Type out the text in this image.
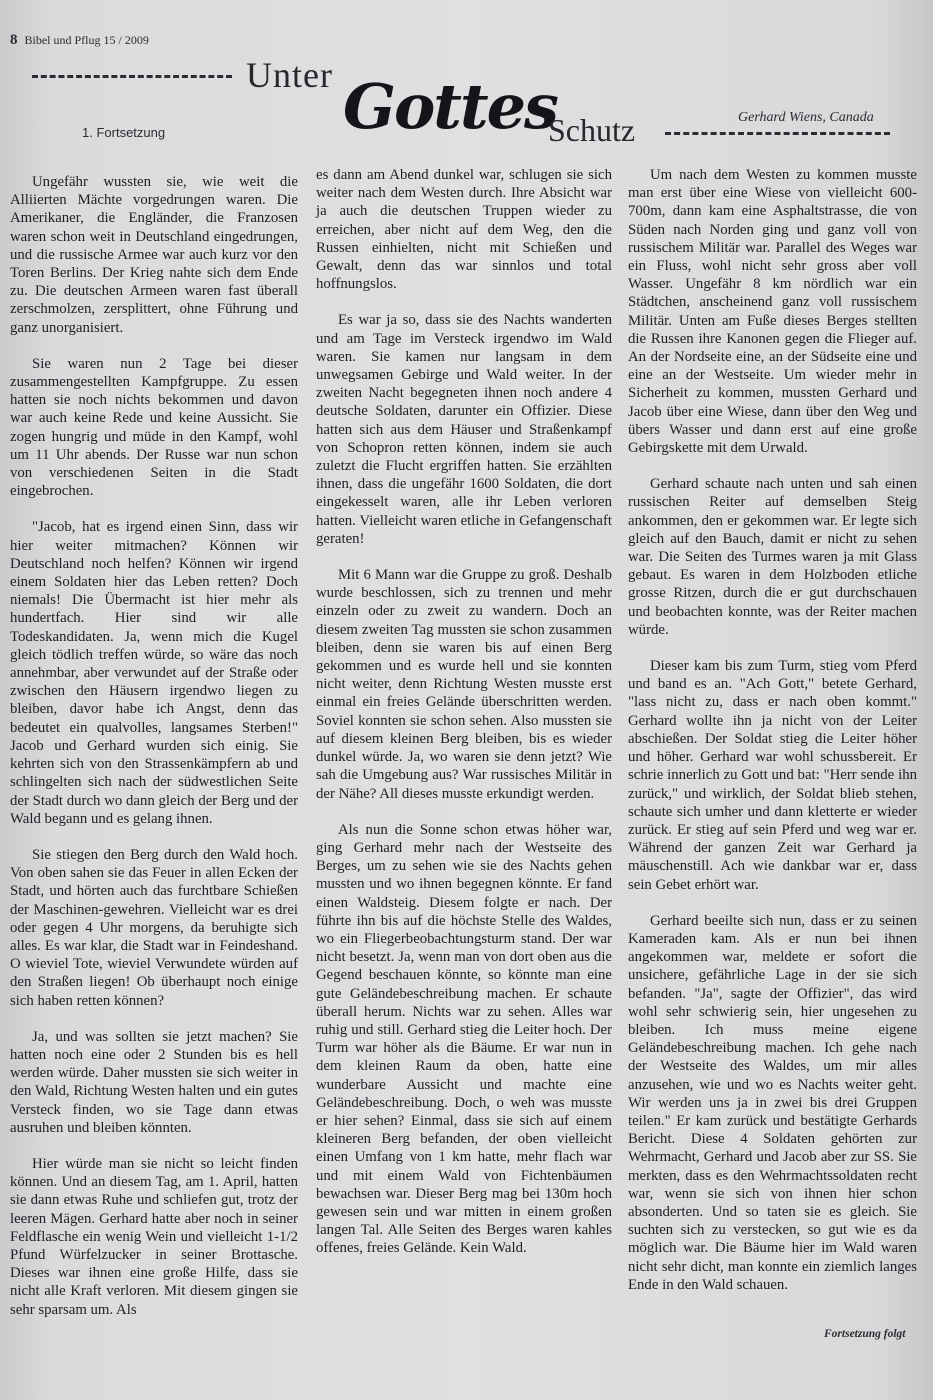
8 Bibel und Pflug 15 / 2009
Unter Gottes
Schutz	Gerhard Wiens, Canada
1. Fortsetzung

Ungefähr wussten sie, wie weit die Alliierten Mächte vorgedrungen waren. Die Amerikaner, die Engländer, die Franzosen waren schon weit in Deutschland eingedrungen, und die russische Armee war auch kurz vor den Toren Berlins. Der Krieg nahte sich dem Ende zu. Die deutschen Armeen waren fast überall zerschmolzen, zersplittert, ohne Führung und ganz unorganisiert.

Sie waren nun 2 Tage bei dieser zusammengestellten Kampfgruppe. Zu essen hatten sie noch nichts bekommen und davon war auch keine Rede und keine Aussicht. Sie zogen hungrig und müde in den Kampf, wohl um 11 Uhr abends. Der Russe war nun schon von verschiedenen Seiten in die Stadt eingebrochen.

"Jacob, hat es irgend einen Sinn, dass wir hier weiter mitmachen? Können wir Deutschland noch helfen? Können wir irgend einem Soldaten hier das Leben retten? Doch niemals! Die Übermacht ist hier mehr als hundertfach. Hier sind wir alle Todeskandidaten. Ja, wenn mich die Kugel gleich tödlich treffen würde, so wäre das noch annehmbar, aber verwundet auf der Straße oder zwischen den Häusern irgendwo liegen zu bleiben, davor habe ich Angst, denn das bedeutet ein qualvolles, langsames Sterben!" Jacob und Gerhard wurden sich einig. Sie kehrten sich von den Strassenkämpfern ab und schlingelten sich nach der südwestlichen Seite der Stadt durch wo dann gleich der Berg und der Wald begann und es gelang ihnen.

Sie stiegen den Berg durch den Wald hoch. Von oben sahen sie das Feuer in allen Ecken der Stadt, und hörten auch das furchtbare Schießen der Maschinen-gewehren. Vielleicht war es drei oder gegen 4 Uhr morgens, da beruhigte sich alles. Es war klar, die Stadt war in Feindeshand. O wieviel Tote, wieviel Verwundete würden auf den Straßen liegen! Ob überhaupt noch einige sich haben retten können?

Ja, und was sollten sie jetzt machen? Sie hatten noch eine oder 2 Stunden bis es hell werden würde. Daher mussten sie sich weiter in den Wald, Richtung Westen halten und ein gutes Versteck finden, wo sie Tage dann etwas ausruhen und bleiben könnten.

Hier würde man sie nicht so leicht finden können. Und an diesem Tag, am 1. April, hatten sie dann etwas Ruhe und schliefen gut, trotz der leeren Mägen. Gerhard hatte aber noch in seiner Feldflasche ein wenig Wein und vielleicht 1-1/2 Pfund Würfelzucker in seiner Brottasche. Dieses war ihnen eine große Hilfe, dass sie nicht alle Kraft verloren. Mit diesem gingen sie sehr sparsam um. Als

es dann am Abend dunkel war, schlugen sie sich weiter nach dem Westen durch. Ihre Absicht war ja auch die deutschen Truppen wieder zu erreichen, aber nicht auf dem Weg, den die Russen einhielten, nicht mit Schießen und Gewalt, denn das war sinnlos und total hoffnungslos.

Es war ja so, dass sie des Nachts wanderten und am Tage im Versteck irgendwo im Wald waren. Sie kamen nur langsam in dem unwegsamen Gebirge und Wald weiter. In der zweiten Nacht begegneten ihnen noch andere 4 deutsche Soldaten, darunter ein Offizier. Diese hatten sich aus dem Häuser und Straßenkampf von Schopron retten können, indem sie auch zuletzt die Flucht ergriffen hatten. Sie erzählten ihnen, dass die ungefähr 1600 Soldaten, die dort eingekesselt waren, alle ihr Leben verloren hatten. Vielleicht waren etliche in Gefangenschaft geraten!

Mit 6 Mann war die Gruppe zu groß. Deshalb wurde beschlossen, sich zu trennen und mehr einzeln oder zu zweit zu wandern. Doch an diesem zweiten Tag mussten sie schon zusammen bleiben, denn sie waren bis auf einen Berg gekommen und es wurde hell und sie konnten nicht weiter, denn Richtung Westen musste erst einmal ein freies Gelände überschritten werden. Soviel konnten sie schon sehen. Also mussten sie auf diesem kleinen Berg bleiben, bis es wieder dunkel würde. Ja, wo waren sie denn jetzt? Wie sah die Umgebung aus? War russisches Militär in der Nähe? All dieses musste erkundigt werden.

Als nun die Sonne schon etwas höher war, ging Gerhard mehr nach der Westseite des Berges, um zu sehen wie sie des Nachts gehen mussten und wo ihnen begegnen könnte. Er fand einen Waldsteig. Diesem folgte er nach. Der führte ihn bis auf die höchste Stelle des Waldes, wo ein Fliegerbeobachtungsturm stand. Der war nicht besetzt. Ja, wenn man von dort oben aus die Gegend beschauen könnte, so könnte man eine gute Geländebeschreibung machen. Er schaute überall herum. Nichts war zu sehen. Alles war ruhig und still. Gerhard stieg die Leiter hoch. Der Turm war höher als die Bäume. Er war nun in dem kleinen Raum da oben, hatte eine wunderbare Aussicht und machte eine Geländebeschreibung. Doch, o weh was musste er hier sehen? Einmal, dass sie sich auf einem kleineren Berg befanden, der oben vielleicht einen Umfang von 1 km hatte, mehr flach war und mit einem Wald von Fichtenbäumen bewachsen war. Dieser Berg mag bei 130m hoch gewesen sein und war mitten in einem großen langen Tal. Alle Seiten des Berges waren kahles offenes, freies Gelände. Kein Wald.

Um nach dem Westen zu kommen musste man erst über eine Wiese von vielleicht 600-700m, dann kam eine Asphaltstrasse, die von Süden nach Norden ging und ganz voll von russischem Militär war. Parallel des Weges war ein Fluss, wohl nicht sehr gross aber voll Wasser. Ungefähr 8 km nördlich war ein Städtchen, anscheinend ganz voll russischem Militär. Unten am Fuße dieses Berges stellten die Russen ihre Kanonen gegen die Flieger auf. An der Nordseite eine, an der Südseite eine und eine an der Westseite. Um wieder mehr in Sicherheit zu kommen, mussten Gerhard und Jacob über eine Wiese, dann über den Weg und übers Wasser und dann erst auf eine große Gebirgskette mit dem Urwald.

Gerhard schaute nach unten und sah einen russischen Reiter auf demselben Steig ankommen, den er gekommen war. Er legte sich gleich auf den Bauch, damit er nicht zu sehen war. Die Seiten des Turmes waren ja mit Glass gebaut. Es waren in dem Holzboden etliche grosse Ritzen, durch die er gut durchschauen und beobachten konnte, was der Reiter machen würde.

Dieser kam bis zum Turm, stieg vom Pferd und band es an. "Ach Gott," betete Gerhard, "lass nicht zu, dass er nach oben kommt." Gerhard wollte ihn ja nicht von der Leiter abschießen. Der Soldat stieg die Leiter höher und höher. Gerhard war wohl schussbereit. Er schrie innerlich zu Gott und bat: "Herr sende ihn zurück," und wirklich, der Soldat blieb stehen, schaute sich umher und dann kletterte er wieder zurück. Er stieg auf sein Pferd und weg war er. Während der ganzen Zeit war Gerhard ja mäuschenstill. Ach wie dankbar war er, dass sein Gebet erhört war.

Gerhard beeilte sich nun, dass er zu seinen Kameraden kam. Als er nun bei ihnen angekommen war, meldete er sofort die unsichere, gefährliche Lage in der sie sich befanden. "Ja", sagte der Offizier", das wird wohl sehr schwierig sein, hier ungesehen zu bleiben. Ich muss meine eigene Geländebeschreibung machen. Ich gehe nach der Westseite des Waldes, um mir alles anzusehen, wie und wo es Nachts weiter geht. Wir werden uns ja in zwei bis drei Gruppen teilen." Er kam zurück und bestätigte Gerhards Bericht. Diese 4 Soldaten gehörten zur Wehrmacht, Gerhard und Jacob aber zur SS. Sie merkten, dass es den Wehrmachtssoldaten recht war, wenn sie sich von ihnen hier schon absonderten. Und so taten sie es gleich. Sie suchten sich zu verstecken, so gut wie es da möglich war. Die Bäume hier im Wald waren nicht sehr dicht, man konnte ein ziemlich langes Ende in den Wald schauen.

Fortsetzung folgt
